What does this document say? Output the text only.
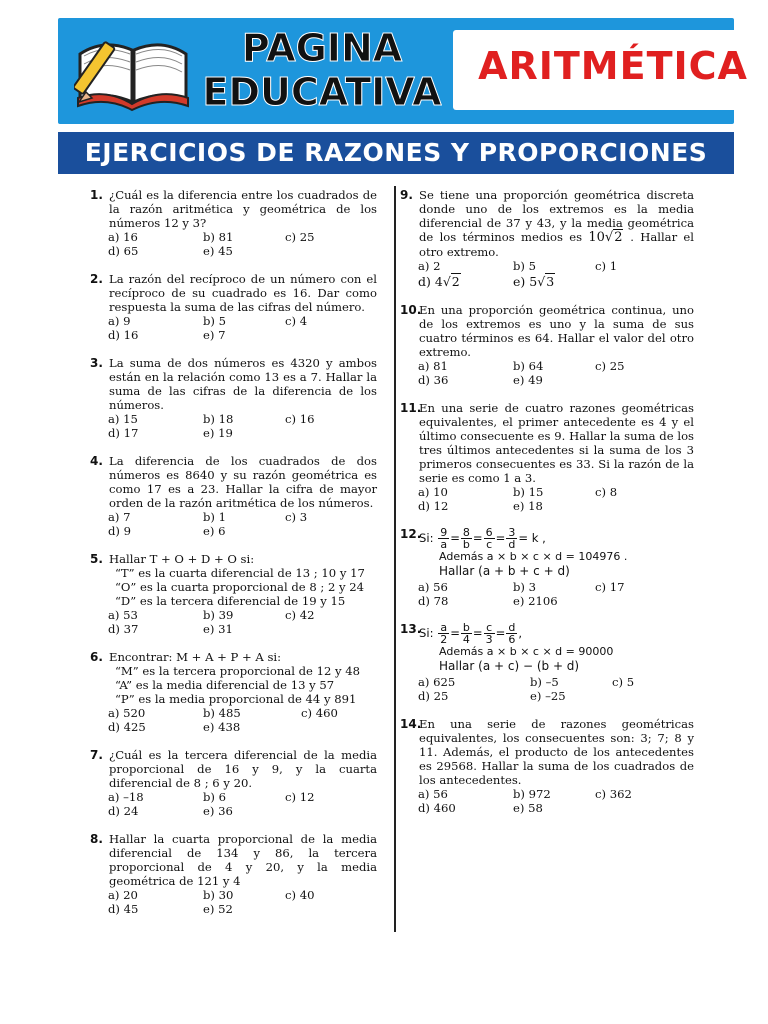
PAGINA
EDUCATIVA
ARITMÉTICA
EJERCICIOS DE RAZONES Y PROPORCIONES
1. ¿Cuál es la diferencia entre los cuadrados de la razón aritmética y geométrica de los números 12 y 3?
a) 16	b) 81	c) 25
d) 65	e) 45
2. La razón del recíproco de un número con el recíproco de su cuadrado es 16. Dar como respuesta la suma de las cifras del número.
a) 9	b) 5	c) 4
d) 16	e) 7
3. La suma de dos números es 4320 y ambos están en la relación como 13 es a 7. Hallar la suma de las cifras de la diferencia de los números.
a) 15	b) 18	c) 16
d) 17	e) 19
4. La diferencia de los cuadrados de dos números es 8640 y su razón geométrica es como 17 es a 23. Hallar la cifra de mayor orden de la razón aritmética de los números.
a) 7	b) 1	c) 3
d) 9	e) 6
5. Hallar T + O + D + O si:
“T” es la cuarta diferencial de 13 ; 10 y 17
“O” es la cuarta proporcional de 8 ; 2 y 24
“D” es la tercera diferencial de 19 y 15
a) 53	b) 39	c) 42
d) 37	e) 31
6. Encontrar: M + A + P + A si:
“M” es la tercera proporcional de 12 y 48
“A” es la media diferencial de 13 y 57
“P” es la media proporcional de 44 y 891
a) 520	b) 485	c) 460
d) 425	e) 438
7. ¿Cuál es la tercera diferencial de la media proporcional de 16 y 9, y la cuarta diferencial de 8 ; 6 y 20.
a) –18	b) 6	c) 12
d) 24	e) 36
8. Hallar la cuarta proporcional de la media diferencial de 134 y 86, la tercera proporcional de 4 y 20, y la media geométrica de 121 y 4
a) 20	b) 30	c) 40
d) 45	e) 52
9. Se tiene una proporción geométrica discreta donde uno de los extremos es la media diferencial de 37 y 43, y la media geométrica de los términos medios es 10√2 . Hallar el otro extremo.
a) 2	b) 5	c) 1
d) 4√2	e) 5√3
10.
En una proporción geométrica continua, uno de los extremos es uno y la suma de sus cuatro términos es 64. Hallar el valor del otro extremo.
a) 81	b) 64	c) 25
d) 36	e) 49
11.
En una serie de cuatro razones geométricas equivalentes, el primer antecedente es 4 y el último consecuente es 9. Hallar la suma de los tres últimos antecedentes si la suma de los 3 primeros consecuentes es 33. Si la razón de la serie es como 1 a 3.
a) 10	b) 15	c) 8
d) 12	e) 18
12.
Si: $\frac{9}{a} = \frac{8}{b} = \frac{6}{c} = \frac{3}{d} = k$ ,
Además a × b × c × d = 104976 .
Hallar (a + b + c + d)
a) 56	b) 3	c) 17
d) 78	e) 2106
13.
Si: $\frac{a}{2} = \frac{b}{4} = \frac{c}{3} = \frac{d}{6}$ ,
Además a × b × c × d = 90000
Hallar (a + c) − (b + d)
a) 625	b) –5	c) 5
d) 25	e) –25
14.
En una serie de razones geométricas equivalentes, los consecuentes son: 3; 7; 8 y 11. Además, el producto de los antecedentes es 29568. Hallar la suma de los cuadrados de los antecedentes.
a) 56	b) 972	c) 362
d) 460	e) 58
